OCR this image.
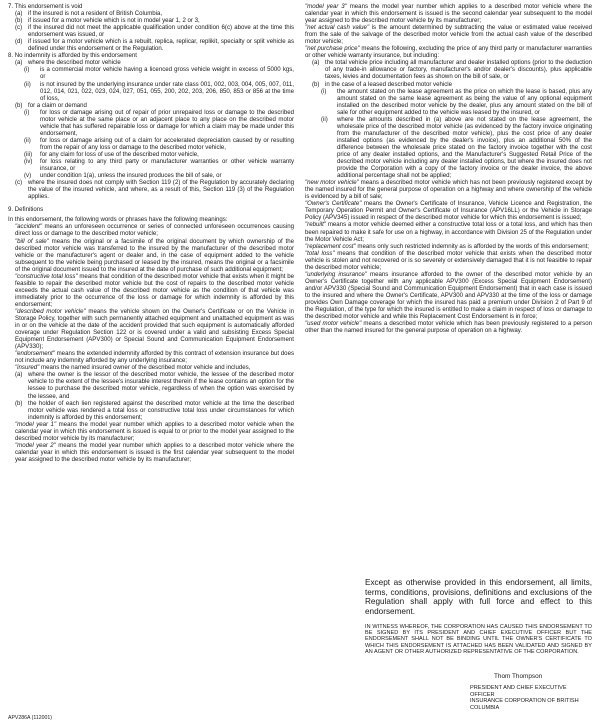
7. This endorsement is void
(a) if the insured is not a resident of British Columbia,
(b) if issued for a motor vehicle which is not in model year 1, 2 or 3,
(c) if the insured did not meet the applicable qualification under condition 6(c) above at the time this endorsement was issued, or
(d) if issued for a motor vehicle which is a rebuilt, replica, replicar, replikit, specialty or split vehicle as defined under this endorsement or the Regulation.
8. No indemnity is afforded by this endorsement
(a) where the described motor vehicle
(i)	is a commercial motor vehicle having a licenced gross vehicle weight in excess of 5000 kgs, or
(ii)	is not insured by the underlying insurance under rate class 001, 002, 003, 004, 005, 007, 011, 012, 014, 021, 022, 023, 024, 027, 051, 055, 200, 202, 203, 206, 850, 853 or 856 at the time of loss,
(b) for a claim or demand
(i)	for loss or damage arising out of repair of prior unrepaired loss or damage to the described motor vehicle at the same place or an adjacent place to any place on the described motor vehicle that has suffered repairable loss or damage for which a claim may be made under this endorsement,
(ii)	for loss or damage arising out of a claim for accelerated depreciation caused by or resulting from the repair of any loss or damage to the described motor vehicle,
(iii)	for any claim for loss of use of the described motor vehicle,
(iv)	for loss relating to any third party or manufacturer warranties or other vehicle warranty insurance, or
(v)	under condition 1(a), unless the insured produces the bill of sale, or
(c) where the insured does not comply with Section 119 (2) of the Regulation by accurately declaring the value of the insured vehicle, and where, as a result of this, Section 119 (3) of the Regulation applies.
9. Definitions

In this endorsement, the following words or phrases have the following meanings:

"accident" means an unforeseen occurrence or series of connected unforeseen occurrences causing direct loss or damage to the described motor vehicle;

"bill of sale" means the original or a facsimile of the original document by which ownership of the described motor vehicle was transferred to the insured by the manufacturer of the described motor vehicle or the manufacturer's agent or dealer and, in the case of equipment added to the vehicle subsequent to the vehicle being purchased or leased by the insured, means the original or a facsimile of the original document issued to the insured at the date of purchase of such additional equipment;

"constructive total loss" means that condition of the described motor vehicle that exists when it might be feasible to repair the described motor vehicle but the cost of repairs to the described motor vehicle exceeds the actual cash value of the described motor vehicle as the condition of that vehicle was immediately prior to the occurrence of the loss or damage for which indemnity is afforded by this endorsement;

"described motor vehicle" means the vehicle shown on the Owner's Certificate or on the Vehicle in Storage Policy, together with such permanently attached equipment and unattached equipment as was in or on the vehicle at the date of the accident provided that such equipment is automatically afforded coverage under Regulation Section 122 or is covered under a valid and subsisting Excess Special Equipment Endorsement (APV300) or Special Sound and Communication Equipment Endorsement (APV330);

"endorsement" means the extended indemnity afforded by this contract of extension insurance but does not include any indemnity afforded by any underlying insurance;

"insured" means the named insured owner of the described motor vehicle and includes,

(a) where the owner is the lessor of the described motor vehicle, the lessee of the described motor vehicle to the extent of the lessee's insurable interest therein if the lease contains an option for the lessee to purchase the described motor vehicle, regardless of when the option was exercised by the lessee, and
(b) the holder of each lien registered against the described motor vehicle at the time the described motor vehicle was rendered a total loss or constructive total loss under circumstances for which indemnity is afforded by this endorsement;

"model year 1" means the model year number which applies to a described motor vehicle when the calendar year in which this endorsement is issued is equal to or prior to the model year assigned to the described motor vehicle by its manufacturer;

"model year 2" means the model year number which applies to a described motor vehicle where the calendar year in which this endorsement is issued is the first calendar year subsequent to the model year assigned to the described motor vehicle by its manufacturer;

"model year 3" means the model year number which applies to a described motor vehicle where the calendar year in which this endorsement is issued is the second calendar year subsequent to the model year assigned to the described motor vehicle by its manufacturer;

"net actual cash value" is the amount determined by subtracting the value or estimated value received from the sale of the salvage of the described motor vehicle from the actual cash value of the described motor vehicle;

"net purchase price" means the following, excluding the price of any third party or manufacturer warranties or other vehicle warranty insurance, but including:

(a) the total vehicle price including all manufacturer and dealer installed options (prior to the deduction of any trade-in allowance or factory, manufacturer's and/or dealer's discounts), plus applicable taxes, levies and documentation fees as shown on the bill of sale, or
(b) in the case of a leased described motor vehicle
(i)	the amount stated on the lease agreement as the price on which the lease is based, plus any amount stated on the same lease agreement as being the value of any optional equipment installed on the described motor vehicle by the dealer, plus any amount stated on the bill of sale for other equipment added to the vehicle was leased by the insured, or
(ii)	where the amounts described in (a) above are not stated on the lease agreement, the wholesale price of the described motor vehicle (as evidenced by the factory invoice originating from the manufacturer of the described motor vehicle), plus the cost price of any dealer installed options (as evidenced by the dealer's invoice), plus an additional 50% of the difference between the wholesale price stated on the factory invoice together with the cost price of any dealer installed options, and the Manufacturer's Suggested Retail Price of the described motor vehicle including any dealer installed options, but where the insured does not provide the Corporation with a copy of the factory invoice or the dealer invoice, the above additional percentage shall not be applied;

"new motor vehicle" means a described motor vehicle which has not been previously registered except by the named insured for the general purpose of operation on a highway and where ownership of the vehicle is evidenced by a bill of sale;

"Owner's Certificate" means the Owner's Certificate of Insurance, Vehicle Licence and Registration, the Temporary Operation Permit and Owner's Certificate of Insurance (APV16LL) or the Vehicle in Storage Policy (APV345) issued in respect of the described motor vehicle for which this endorsement is issued;

"rebuilt" means a motor vehicle deemed either a constructive total loss or a total loss, and which has then been repaired to make it safe for use on a highway, in accordance with Division 25 of the Regulation under the Motor Vehicle Act;

"replacement cost" means only such restricted indemnity as is afforded by the words of this endorsement;

"total loss" means that condition of the described motor vehicle that exists when the described motor vehicle is stolen and not recovered or is so severely or extensively damaged that it is not feasible to repair the described motor vehicle;

"underlying insurance" means insurance afforded to the owner of the described motor vehicle by an Owner's Certificate together with any applicable APV300 (Excess Special Equipment Endorsement) and/or APV330 (Special Sound and Communication Equipment Endorsement) that in each case is issued to the insured and where the Owner's Certificate, APV300 and APV330 at the time of the loss or damage provides Own Damage coverage for which the insured has paid a premium under Division 2 of Part 9 of the Regulation, of the type for which the insured is entitled to make a claim in respect of loss or damage to the described motor vehicle and while this Replacement Cost Endorsement is in force;

"used motor vehicle" means a described motor vehicle which has been previously registered to a person other than the named insured for the general purpose of operation on a highway.

Except as otherwise provided in this endorsement, all limits, terms, conditions, provisions, definitions and exclusions of the Regulation shall apply with full force and effect to this endorsement.

IN WITNESS WHEREOF, THE CORPORATION HAS CAUSED THIS ENDORSEMENT TO BE SIGNED BY ITS PRESIDENT AND CHIEF EXECUTIVE OFFICER BUT THE ENDORSEMENT SHALL NOT BE BINDING UNTIL THE OWNER'S CERTIFICATE TO WHICH THIS ENDORSEMENT IS ATTACHED HAS BEEN VALIDATED AND SIGNED BY AN AGENT OR OTHER AUTHORIZED REPRESENTATIVE OF THE CORPORATION.

Thom Thompson
PRESIDENT AND CHIEF EXECUTIVE OFFICER
INSURANCE CORPORATION OF BRITISH COLUMBIA
APV286A (112001)
